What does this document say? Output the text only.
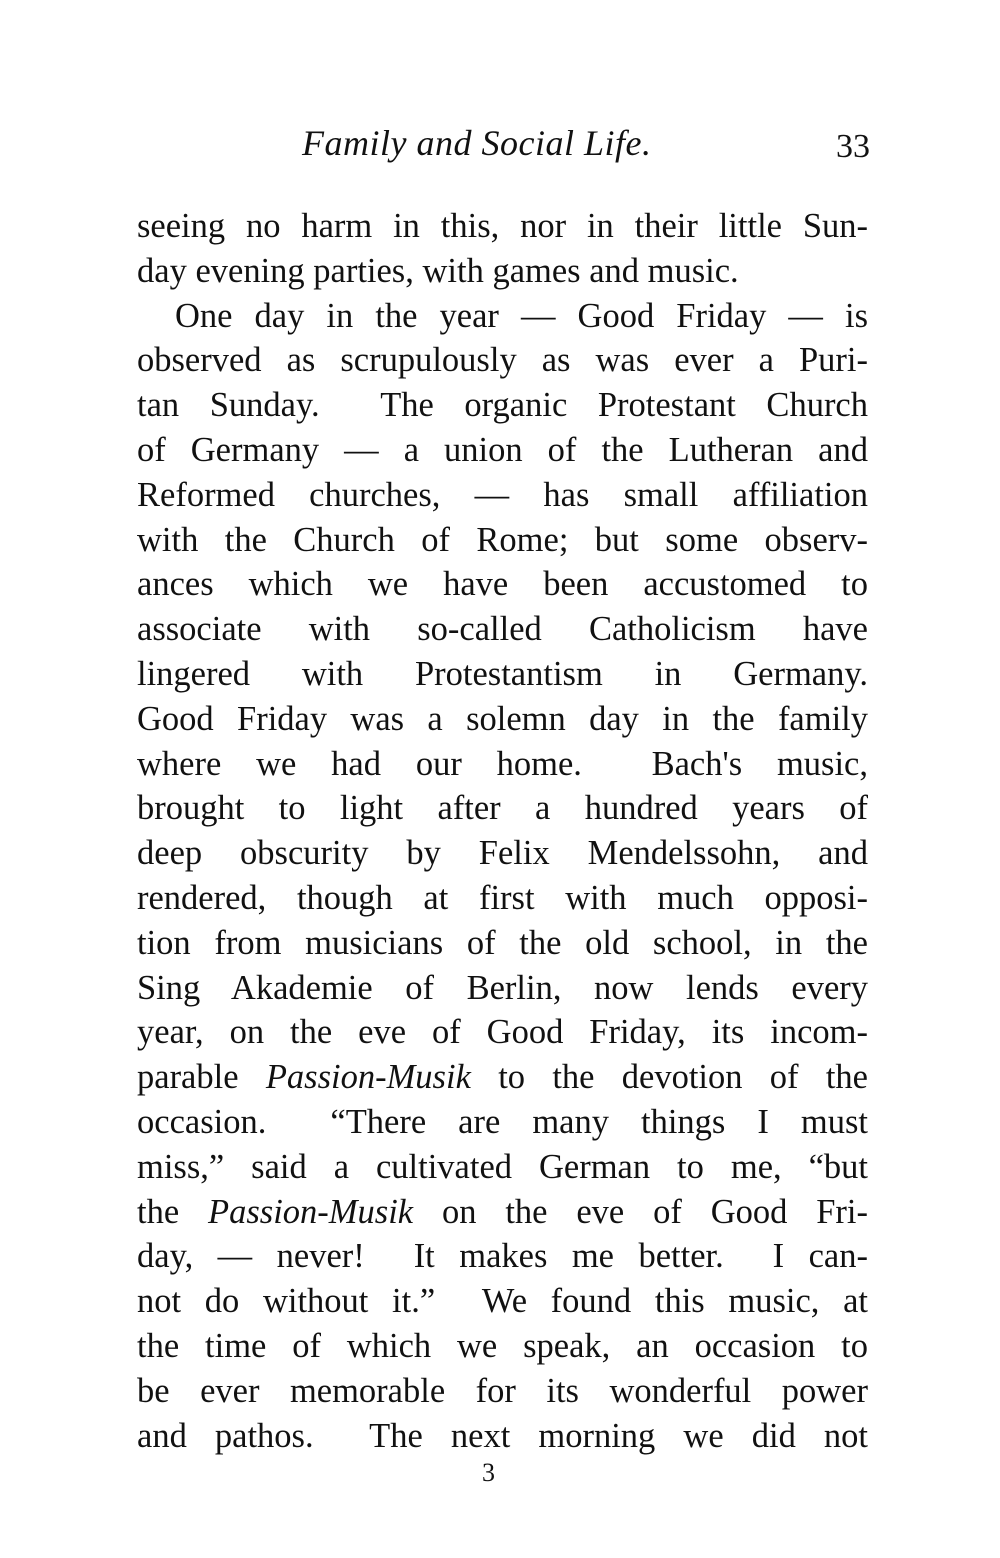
Family and Social Life.	33
seeing no harm in this, nor in their little Sun-
day evening parties, with games and music.
One day in the year — Good Friday — is
observed as scrupulously as was ever a Puri-
tan Sunday.  The organic Protestant Church
of Germany — a union of the Lutheran and
Reformed churches, — has small affiliation
with the Church of Rome; but some observ-
ances which we have been accustomed to
associate with so-called Catholicism have
lingered with Protestantism in Germany.
Good Friday was a solemn day in the family
where we had our home.  Bach's music,
brought to light after a hundred years of
deep obscurity by Felix Mendelssohn, and
rendered, though at first with much opposi-
tion from musicians of the old school, in the
Sing Akademie of Berlin, now lends every
year, on the eve of Good Friday, its incom-
parable Passion-Musik to the devotion of the
occasion.  “There are many things I must
miss,” said a cultivated German to me, “but
the Passion-Musik on the eve of Good Fri-
day, — never!  It makes me better.  I can-
not do without it.”  We found this music, at
the time of which we speak, an occasion to
be ever memorable for its wonderful power
and pathos.  The next morning we did not
3
